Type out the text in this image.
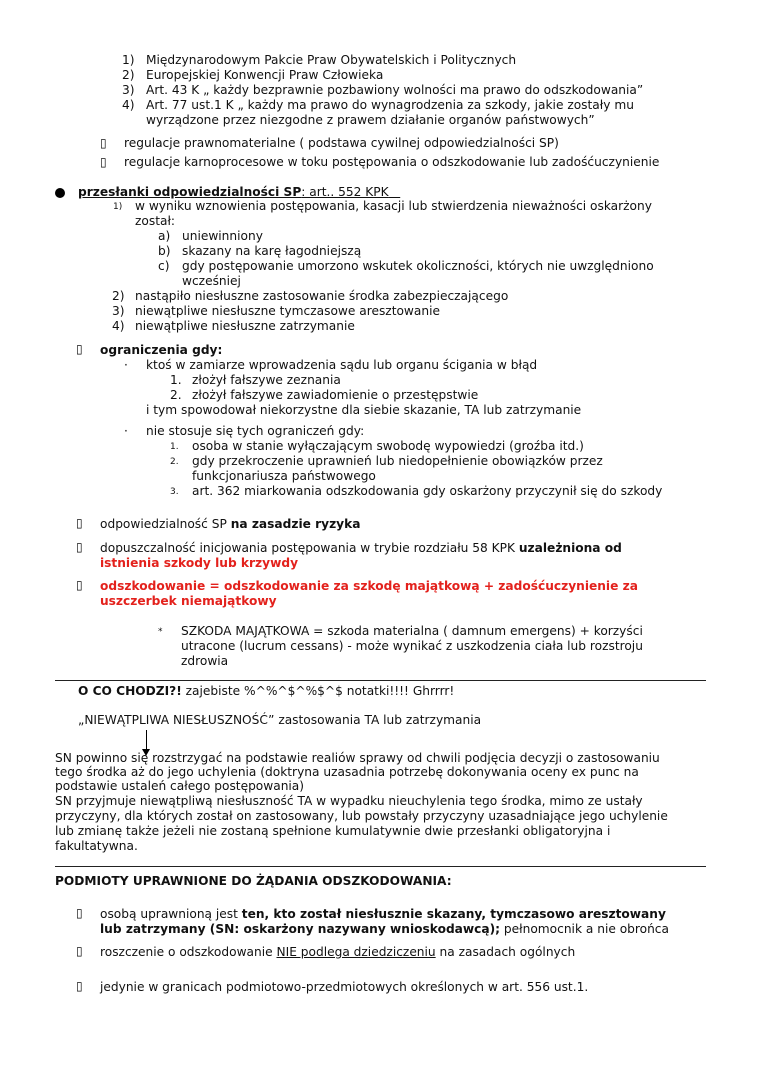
1) Międzynarodowym Pakcie Praw Obywatelskich i Politycznych
2) Europejskiej Konwencji Praw Człowieka
3) Art. 43 K „ każdy bezprawnie pozbawiony wolności ma prawo do odszkodowania”
4) Art. 77 ust.1 K „ każdy ma prawo do wynagrodzenia za szkody, jakie zostały mu
wyrządzone przez niezgodne z prawem działanie organów państwowych”
▯ regulacje prawnomaterialne ( podstawa cywilnej odpowiedzialności SP)
▯ regulacje karnoprocesowe w toku postępowania o odszkodowanie lub zadośćuczynienie
przesłanki odpowiedzialności SP: art.. 552 KPK
1) w wyniku wznowienia postępowania, kasacji lub stwierdzenia nieważności oskarżony
został:
a) uniewinniony
b) skazany na karę łagodniejszą
c) gdy postępowanie umorzono wskutek okoliczności, których nie uwzględniono
wcześniej
2) nastąpiło niesłuszne zastosowanie środka zabezpieczającego
3) niewątpliwe niesłuszne tymczasowe aresztowanie
4) niewątpliwe niesłuszne zatrzymanie
▯ ograniczenia gdy:
· ktoś w zamiarze wprowadzenia sądu lub organu ścigania w błąd
1. złożył fałszywe zeznania
2. złożył fałszywe zawiadomienie o przestępstwie
i tym spowodował niekorzystne dla siebie skazanie, TA lub zatrzymanie
· nie stosuje się tych ograniczeń gdy:
1. osoba w stanie wyłączającym swobodę wypowiedzi (groźba itd.)
2. gdy przekroczenie uprawnień lub niedopełnienie obowiązków przez
funkcjonariusza państwowego
3. art. 362 miarkowania odszkodowania gdy oskarżony przyczynił się do szkody
▯ odpowiedzialność SP na zasadzie ryzyka
▯ dopuszczalność inicjowania postępowania w trybie rozdziału 58 KPK uzależniona od
istnienia szkody lub krzywdy
▯ odszkodowanie = odszkodowanie za szkodę majątkową + zadośćuczynienie za
uszczerbek niemajątkowy
* SZKODA MAJĄTKOWA = szkoda materialna ( damnum emergens) + korzyści
utracone (lucrum cessans) - może wynikać z uszkodzenia ciała lub rozstroju
zdrowia
O CO CHODZI?! zajebiste %^%^$^%$^$ notatki!!!! Ghrrrr!
„NIEWĄTPLIWA NIESŁUSZNOŚĆ” zastosowania TA lub zatrzymania
SN powinno się rozstrzygać na podstawie realiów sprawy od chwili podjęcia decyzji o zastosowaniu
tego środka aż do jego uchylenia (doktryna uzasadnia potrzebę dokonywania oceny ex punc na
podstawie ustaleń całego postępowania)
SN przyjmuje niewątpliwą niesłuszność TA w wypadku nieuchylenia tego środka, mimo ze ustały
przyczyny, dla których został on zastosowany, lub powstały przyczyny uzasadniające jego uchylenie
lub zmianę także jeżeli nie zostaną spełnione kumulatywnie dwie przesłanki obligatoryjna i
fakultatywna.
PODMIOTY UPRAWNIONE DO ŻĄDANIA ODSZKODOWANIA:
▯ osobą uprawnioną jest ten, kto został niesłusznie skazany, tymczasowo aresztowany
lub zatrzymany (SN: oskarżony nazywany wnioskodawcą); pełnomocnik a nie obrońca
▯ roszczenie o odszkodowanie NIE podlega dziedziczeniu na zasadach ogólnych
▯ jedynie w granicach podmiotowo-przedmiotowych określonych w art. 556 ust.1.
